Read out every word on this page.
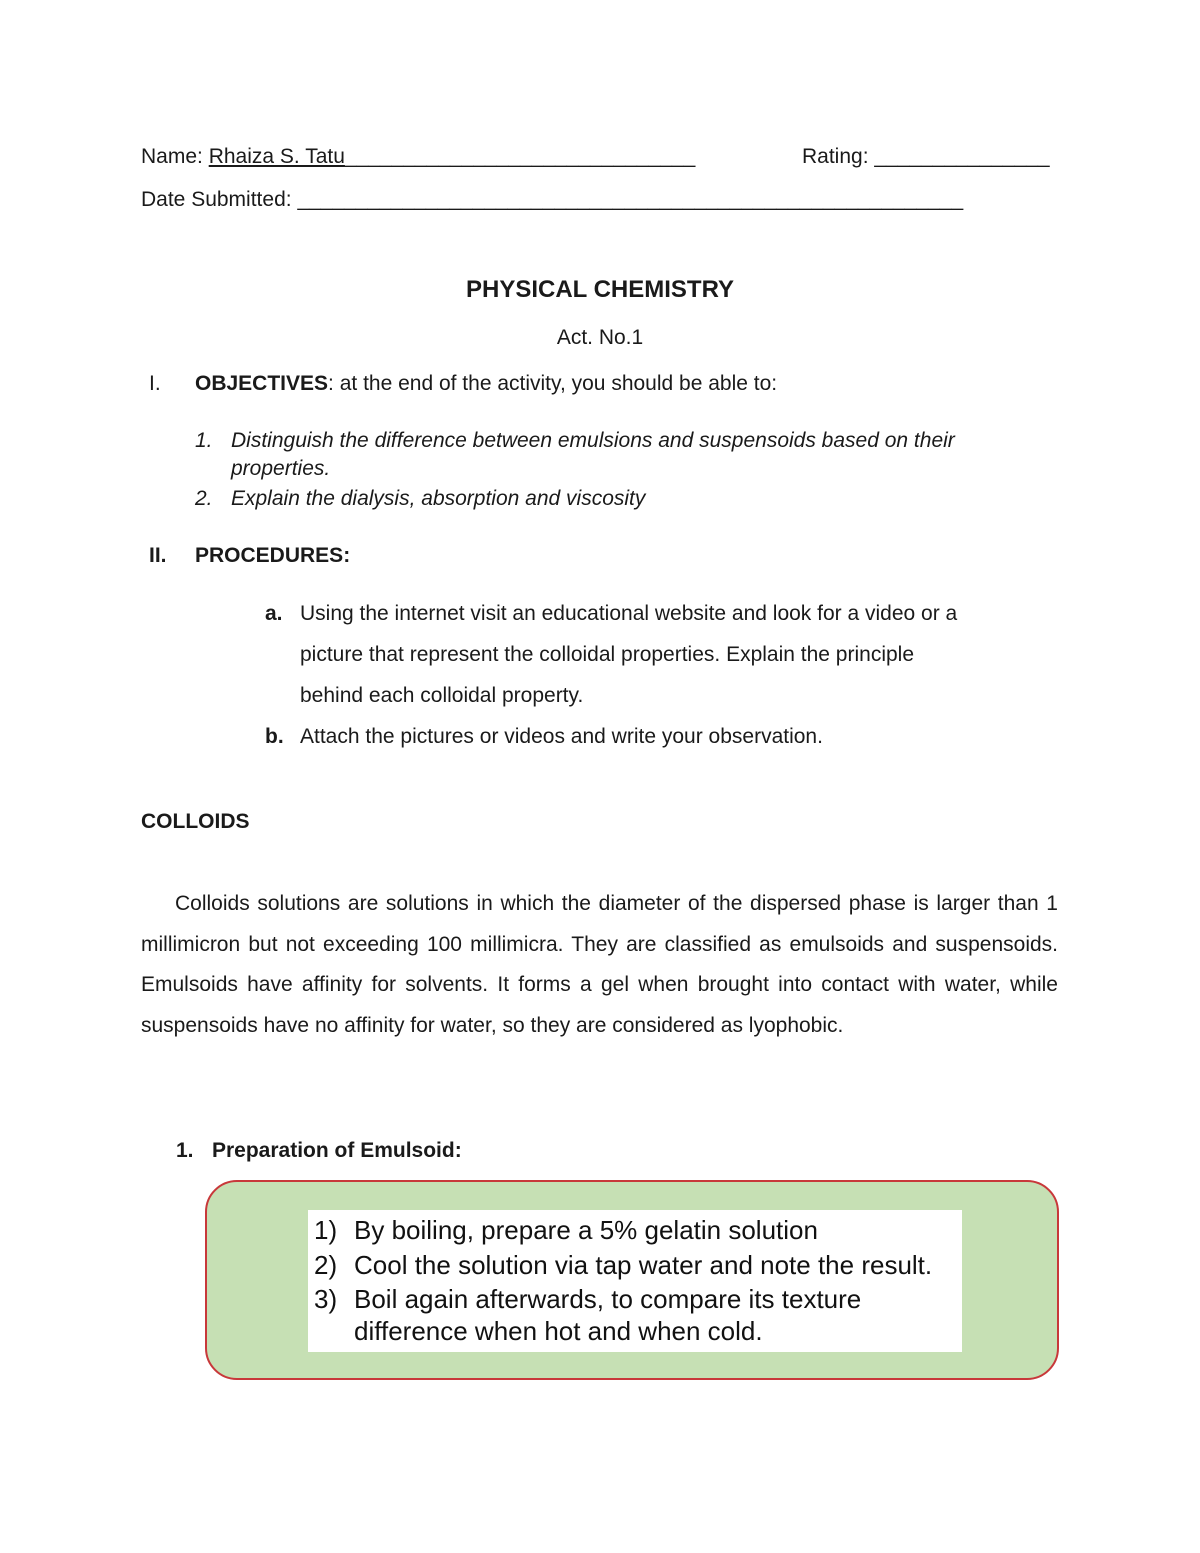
Name: Rhaiza S. Tatu______________________________	Rating: _______________
Date Submitted: _________________________________________________________
PHYSICAL CHEMISTRY
Act. No.1
I. OBJECTIVES: at the end of the activity, you should be able to:
1. Distinguish the difference between emulsions and suspensoids based on their
properties.
2. Explain the dialysis, absorption and viscosity
II. PROCEDURES:
a. Using the internet visit an educational website and look for a video or a
picture that represent the colloidal properties. Explain the principle
behind each colloidal property.
b. Attach the pictures or videos and write your observation.
COLLOIDS
Colloids solutions are solutions in which the diameter of the dispersed phase is larger than 1 millimicron but not exceeding 100 millimicra. They are classified as emulsoids and suspensoids. Emulsoids have affinity for solvents. It forms a gel when brought into contact with water, while suspensoids have no affinity for water, so they are considered as lyophobic.
1. Preparation of Emulsoid:
1) By boiling, prepare a 5% gelatin solution
2) Cool the solution via tap water and note the result.
3) Boil again afterwards, to compare its texture
difference when hot and when cold.
